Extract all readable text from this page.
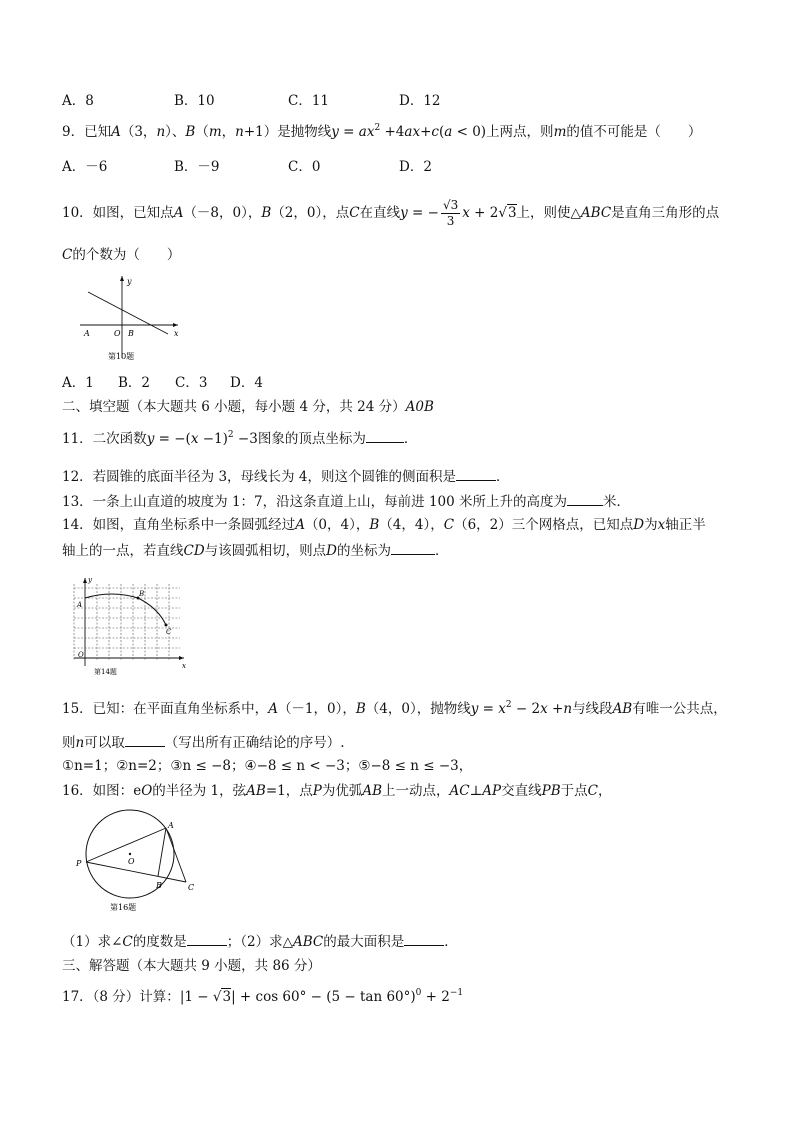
A．8	B．10	C．11	D．12
9．已知A（3，n）、B（m，n+1）是抛物线$y = ax^2 +4ax+c(a < 0)$上两点，则m的值不可能是（　　）
A．－6	B．－9	C．0	D．2
10．如图，已知点A（－8，0），B（2，0），点C在直线y = − $\frac{√3}{3}$ x + 2√3上，则使△ABC是直角三角形的点
C的个数为（　　）
y
x
A	O B
第10题
A．1 B．2 C．3 D．4
二、填空题（本大题共 6 小题，每小题 4 分，共 24 分）A0B
11．二次函数$y = -(x -1)^2 -3$图象的顶点坐标为	．
12．若圆锥的底面半径为 3，母线长为 4，则这个圆锥的侧面积是	．
13．一条上山直道的坡度为 1：7，沿这条直道上山，每前进 100 米所上升的高度为	米．
14．如图，直角坐标系中一条圆弧经过A（0，4），B（4，4），C（6，2）三个网格点，已知点D为x轴正半
轴上的一点，若直线CD与该圆弧相切，则点D的坐标为	．
y
x
A
B
C
O
第14题
15．已知：在平面直角坐标系中，A（－1，0），B（4，0），抛物线$y = x^2 - 2x +n$与线段AB有唯一公共点，
则n可以取	（写出所有正确结论的序号）.
①n=1；②n=2；③n ≤ −8；④−8 ≤ n < −3；⑤−8 ≤ n ≤ −3，
16．如图：eO的半径为 1，弦AB=1，点P为优弧AB上一动点，AC⊥AP交直线PB于点C，
A
P	O
B	C
第16题
（1）求∠C的度数是	；（2）求△ABC的最大面积是	．
三、解答题（本大题共 9 小题，共 86 分）
17．（8 分）计算：$|1 - √3| + \cos 60^\circ - (5 - \tan 60^\circ)^0 + 2^{-1}$
